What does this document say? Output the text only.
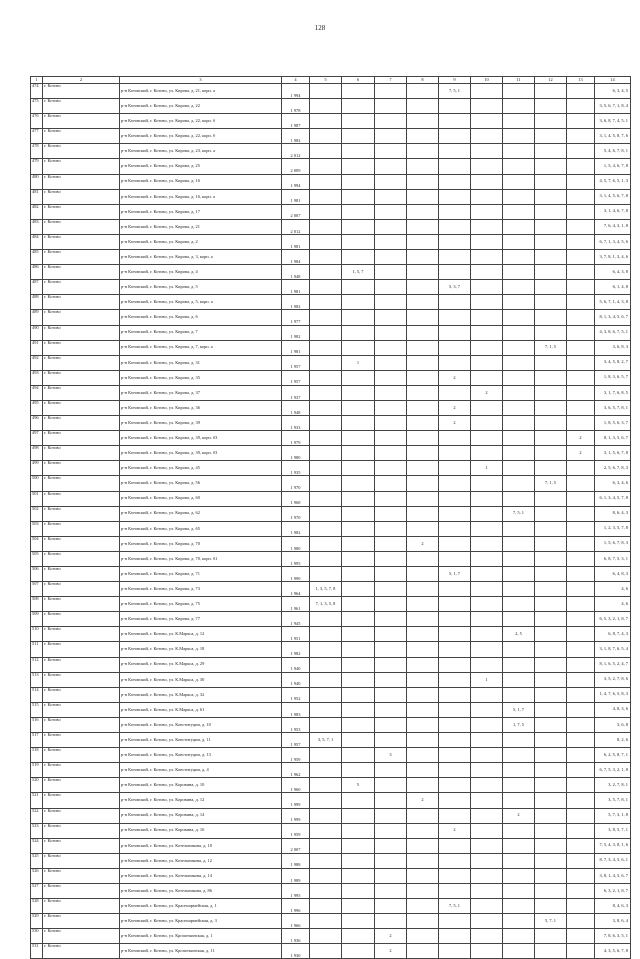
128
1	2	3	4	5	6	7	8	9	10	11	12	13	14
474	г. Котово	р-н Котовский, г. Котово, ул. Кирова, д. 21, корп. а	1 994					7, 5, 1					6, 3, 4, 5
475	г. Котово	р-н Котовский, г. Котово, ул. Кирова, д. 22	1 978										3, 5, 6, 7, 1, 8, 4
476	г. Котово	р-н Котовский, г. Котово, ул. Кирова, д. 22, корп. б	1 987										3, 6, 8, 7, 4, 5, 1
477	г. Котово	р-н Котовский, г. Котово, ул. Кирова, д. 22, корп. б	1 982										3, 1, 4, 5, 8, 7, 6
478	г. Котово	р-н Котовский, г. Котово, ул. Кирова, д. 23, корп. а	2 012										5, 4, 6, 7, 8, 1
479	г. Котово	р-н Котовский, г. Котово, ул. Кирова, д. 25	2 009										1, 5, 4, 6, 7, 8
480	г. Котово	р-н Котовский, г. Котово, ул. Кирова, д. 16	1 994										4, 5, 7, 6, 5, 1, 3
481	г. Котово	р-н Котовский, г. Котово, ул. Кирова, д. 16, корп. а	1 981										3, 1, 4, 5, 6, 7, 8
482	г. Котово	р-н Котовский, г. Котово, ул. Кирова, д. 17	2 007										3, 1, 4, 6, 7, 8
483	г. Котово	р-н Котовский, г. Котово, ул. Кирова, д. 21	2 012										7, 6, 4, 3, 1, 8
484	г. Котово	р-н Котовский, г. Котово, ул. Кирова, д. 2	1 981										6, 7, 1, 3, 4, 5, 6
485	г. Котово	р-н Котовский, г. Котово, ул. Кирова, д. 3, корп. а	1 984										3, 7, 8, 1, 3, 4, 6
486	г. Котово	р-н Котовский, г. Котово, ул. Кирова, д. 4	1 948		1, 5, 7								6, 4, 3, 8
487	г. Котово	р-н Котовский, г. Котово, ул. Кирова, д. 5	1 981					5, 3, 7					6, 1, 4, 8
488	г. Котово	р-н Котовский, г. Котово, ул. Кирова, д. 5, корп. а	1 982										5, 6, 7, 1, 4, 3, 8
489	г. Котово	р-н Котовский, г. Котово, ул. Кирова, д. 6	1 977										8, 1, 3, 4, 5, 6, 7
490	г. Котово	р-н Котовский, г. Котово, ул. Кирова, д. 7	1 982										4, 3, 8, 6, 7, 5, 1
491	г. Котово	р-н Котовский, г. Котово, ул. Кирова, д. 7, корп. а	1 981								7, 1, 5		3, 6, 8, 3
492	г. Котово	р-н Котовский, г. Котово, ул. Кирова, д. 31	1 957		1								3, 4, 5, 8, 2, 7
493	г. Котово	р-н Котовский, г. Котово, ул. Кирова, д. 35	1 957					2					1, 8, 3, 6, 5, 7
494	г. Котово	р-н Котовский, г. Котово, ул. Кирова, д. 37	1 937						2				3, 1, 7, 6, 8, 5
495	г. Котово	р-н Котовский, г. Котово, ул. Кирова, д. 36	1 948					2					3, 6, 5, 7, 8, 1
496	г. Котово	р-н Котовский, г. Котово, ул. Кирова, д. 39	1 933					2					1, 8, 5, 6, 3, 7
497	г. Котово	р-н Котовский, г. Котово, ул. Кирова, д. 39, корп. б3	1 979									2	8, 1, 3, 5, 6, 7
498	г. Котово	р-н Котовский, г. Котово, ул. Кирова, д. 39, корп. б3	1 980									2	3, 1, 5, 6, 7, 8
499	г. Котово	р-н Котовский, г. Котово, ул. Кирова, д. 45	1 935						1				2, 5, 6, 7, 8, 3
500	г. Котово	р-н Котовский, г. Котово, ул. Кирова, д. 56	1 970								7, 1, 5		6, 3, 4, 6
501	г. Котово	р-н Котовский, г. Котово, ул. Кирова, д. 60	1 968										6, 1, 3, 4, 5, 7, 8
502	г. Котово	р-н Котовский, г. Котово, ул. Кирова, д. 62	1 970							7, 5, 1			8, 6, 4, 3
503	г. Котово	р-н Котовский, г. Котово, ул. Кирова, д. 65	1 982										1, 2, 3, 5, 7, 8
504	г. Котово	р-н Котовский, г. Котово, ул. Кирова, д. 70	1 980				2						1, 5, 6, 7, 8, 3
505	г. Котово	р-н Котовский, г. Котово, ул. Кирова, д. 70, корп. б1	1 995										6, 8, 7, 5, 3, 1
506	г. Котово	р-н Котовский, г. Котово, ул. Кирова, д. 71	1 990					5, 1, 7					6, 4, 8, 3
507	г. Котово	р-н Котовский, г. Котово, ул. Кирова, д. 73	1 964	1, 3, 5, 7, 8									4, 6
508	г. Котово	р-н Котовский, г. Котово, ул. Кирова, д. 75	1 961	7, 1, 3, 5, 8									4, 6
509	г. Котово	р-н Котовский, г. Котово, ул. Кирова, д. 77	1 945										6, 5, 3, 2, 1, 8, 7
510	г. Котово	р-н Котовский, г. Котово, ул. К.Маркса, д. 12	1 951							2, 5			6, 8, 7, 4, 3
511	г. Котово	р-н Котовский, г. Котово, ул. К.Маркса, д. 18	1 982										3, 1, 8, 7, 6, 5, 4
512	г. Котово	р-н Котовский, г. Котово, ул. К.Маркса, д. 29	1 940										8, 1, 6, 5, 2, 4, 7
513	г. Котово	р-н Котовский, г. Котово, ул. К.Маркса, д. 30	1 940						1				3, 5, 2, 7, 8, 6
514	г. Котово	р-н Котовский, г. Котово, ул. К.Маркса, д. 32	1 952										1, 4, 7, 6, 5, 8, 3
515	г. Котово	р-н Котовский, г. Котово, ул. К.Маркса, д. 61	1 983							5, 1, 7			4, 8, 3, 6
516	г. Котово	р-н Котовский, г. Котово, ул. Конституции, д. 10	1 953							1, 7, 5			3, 6, 8
517	г. Котово	р-н Котовский, г. Котово, ул. Конституции, д. 11	1 957	3, 5, 7, 1									8, 2, 6
518	г. Котово	р-н Котовский, г. Котово, ул. Конституции, д. 13	1 959			3							6, 2, 5, 8, 7, 1
519	г. Котово	р-н Котовский, г. Котово, ул. Конституции, д. 4	1 962										6, 7, 5, 3, 2, 1, 8
520	г. Котово	р-н Котовский, г. Котово, ул. Коровина, д. 10	1 960		5								3, 2, 7, 8, 1
521	г. Котово	р-н Котовский, г. Котово, ул. Коровина, д. 12	1 999				2						3, 5, 7, 8, 1
522	г. Котово	р-н Котовский, г. Котово, ул. Коровина, д. 14	1 999							2			5, 7, 3, 1, 8
523	г. Котово	р-н Котовский, г. Котово, ул. Коровина, д. 16	1 959					2					3, 8, 5, 7, 1
524	г. Котово	р-н Котовский, г. Котово, ул. Котельникова, д. 10	2 007										7, 5, 4, 3, 8, 1, 6
525	г. Котово	р-н Котовский, г. Котово, ул. Котельникова, д. 12	1 988										8, 7, 3, 4, 5, 6, 1
526	г. Котово	р-н Котовский, г. Котово, ул. Котельникова, д. 14	1 989										3, 8, 1, 4, 5, 6, 7
527	г. Котово	р-н Котовский, г. Котово, ул. Котельникова, д. 86	1 995										6, 3, 2, 1, 8, 7
528	г. Котово	р-н Котовский, г. Котово, ул. Красноармейская, д. 1	1 996					7, 5, 1					8, 4, 6, 3
529	г. Котово	р-н Котовский, г. Котово, ул. Красноармейская, д. 3	1 966								5, 7, 1		3, 8, 6, 4
530	г. Котово	р-н Котовский, г. Котово, ул. Кропоткинская, д. 1	1 936			2							7, 8, 6, 3, 5, 1
531	г. Котово	р-н Котовский, г. Котово, ул. Кропоткинская, д. 11	1 930			2							4, 3, 5, 6, 7, 8
